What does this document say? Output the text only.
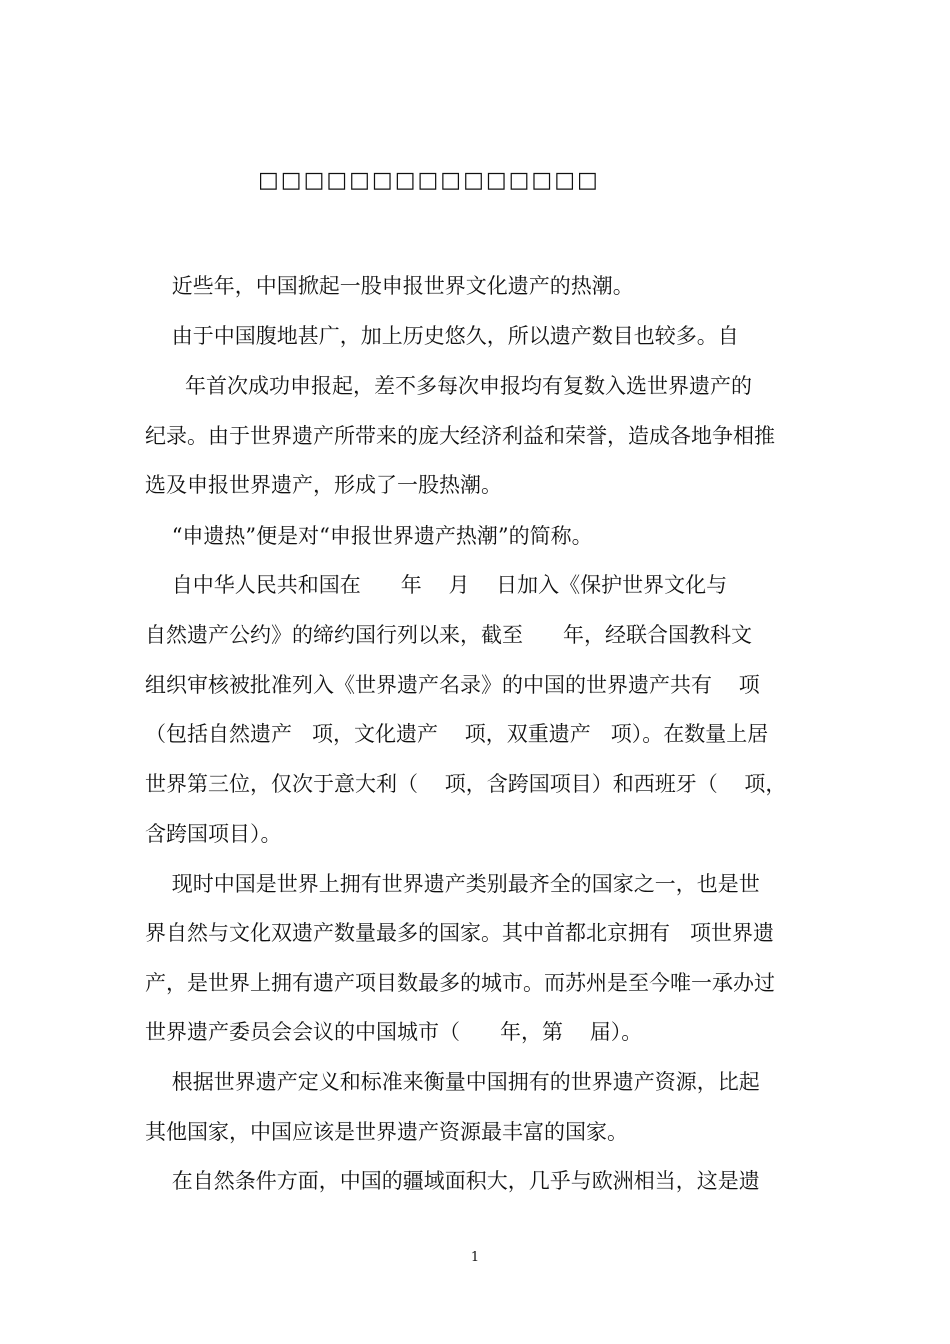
□□□□□□□□□□□□□□□
近些年，中国掀起一股申报世界文化遗产的热潮。
由于中国腹地甚广，加上历史悠久，所以遗产数目也较多。自
年首次成功申报起，差不多每次申报均有复数入选世界遗产的
纪录。由于世界遗产所带来的庞大经济利益和荣誉，造成各地争相推
选及申报世界遗产，形成了一股热潮。
“申遗热”便是对“申报世界遗产热潮”的简称。
自中华人民共和国在      年    月    日加入《保护世界文化与
自然遗产公约》的缔约国行列以来，截至      年，经联合国教科文
组织审核被批准列入《世界遗产名录》的中国的世界遗产共有    项
（包括自然遗产   项，文化遗产    项，双重遗产   项）。在数量上居
世界第三位，仅次于意大利（    项，含跨国项目）和西班牙（    项，
含跨国项目）。
现时中国是世界上拥有世界遗产类别最齐全的国家之一，也是世
界自然与文化双遗产数量最多的国家。其中首都北京拥有   项世界遗
产，是世界上拥有遗产项目数最多的城市。而苏州是至今唯一承办过
世界遗产委员会会议的中国城市（      年，第    届）。
根据世界遗产定义和标准来衡量中国拥有的世界遗产资源，比起
其他国家，中国应该是世界遗产资源最丰富的国家。
在自然条件方面，中国的疆域面积大，几乎与欧洲相当，这是遗
1
